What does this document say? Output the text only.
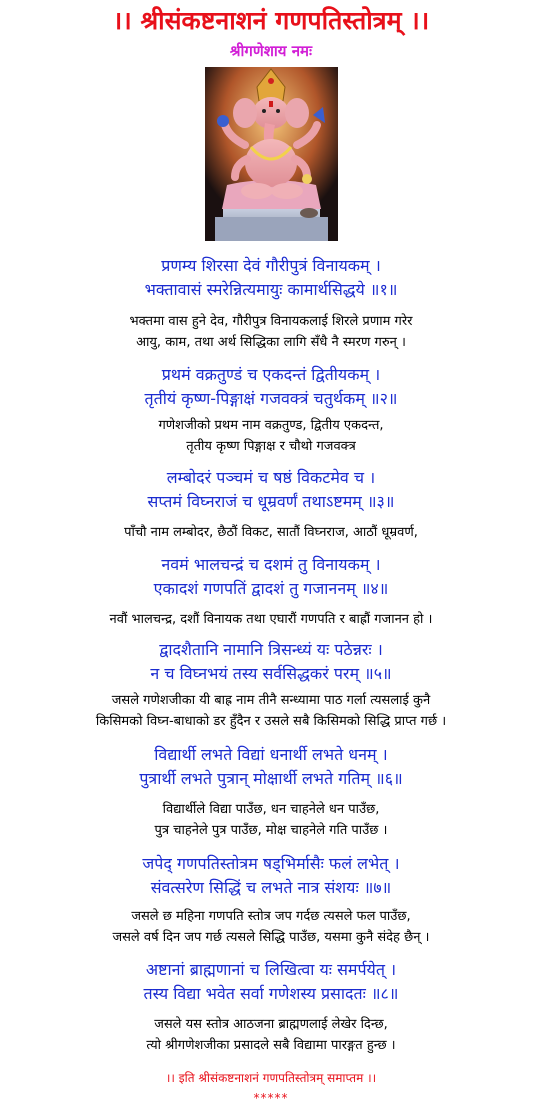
।। श्रीसंकष्टनाशनं गणपतिस्तोत्रम् ।।
श्रीगणेशाय नमः
प्रणम्य शिरसा देवं गौरीपुत्रं विनायकम् ।
भक्तावासं स्मरेन्नित्यमायुः कामार्थसिद्धये ॥१॥
भक्तमा वास हुने देव, गौरीपुत्र विनायकलाई शिरले प्रणाम गरेर
आयु, काम, तथा अर्थ सिद्धिका लागि सँधै नै स्मरण गरुन् ।
प्रथमं वक्रतुण्डं च एकदन्तं द्वितीयकम् ।
तृतीयं कृष्ण-पिङ्गाक्षं गजवक्त्रं चतुर्थकम् ॥२॥
गणेशजीको प्रथम नाम वक्रतुण्ड, द्वितीय एकदन्त,
तृतीय कृष्ण पिङ्गाक्ष र चौथो गजवक्त्र
लम्बोदरं पञ्चमं च षष्ठं विकटमेव च ।
सप्तमं विघ्नराजं च धूम्रवर्णं तथाऽष्टमम् ॥३॥
पाँचौ नाम लम्बोदर, छैठौं विकट, सातौं विघ्नराज, आठौं धूम्रवर्ण,
नवमं भालचन्द्रं च दशमं तु विनायकम् ।
एकादशं गणपतिं द्वादशं तु गजाननम् ॥४॥
नवौं भालचन्द्र, दशौं विनायक तथा एघारौं गणपति र बाह्रौं गजानन हो ।
द्वादशैतानि नामानि त्रिसन्ध्यं यः पठेन्नरः ।
न च विघ्नभयं तस्य सर्वसिद्धकरं परम् ॥५॥
जसले गणेशजीका यी बाह्र नाम तीनै सन्ध्यामा पाठ गर्ला त्यसलाई कुनै
किसिमको विघ्न-बाधाको डर हुँदैन र उसले सबै किसिमको सिद्धि प्राप्त गर्छ ।
विद्यार्थी लभते विद्यां धनार्थी लभते धनम् ।
पुत्रार्थी लभते पुत्रान् मोक्षार्थी लभते गतिम् ॥६॥
विद्यार्थीले विद्या पाउँछ, धन चाहनेले धन पाउँछ,
पुत्र चाहनेले पुत्र पाउँछ, मोक्ष चाहनेले गति पाउँछ ।
जपेद् गणपतिस्तोत्रम षड्भिर्मासैः फलं लभेत् ।
संवत्सरेण सिद्धिं च लभते नात्र संशयः ॥७॥
जसले छ महिना गणपति स्तोत्र जप गर्दछ त्यसले फल पाउँछ,
जसले वर्ष दिन जप गर्छ त्यसले सिद्धि पाउँछ, यसमा कुनै संदेह छैन् ।
अष्टानां ब्राह्मणानां च लिखित्वा यः समर्पयेत् ।
तस्य विद्या भवेत सर्वा गणेशस्य प्रसादतः ॥८॥
जसले यस स्तोत्र आठजना ब्राह्मणलाई लेखेर दिन्छ,
त्यो श्रीगणेशजीका प्रसादले सबै विद्यामा पारङ्गत हुन्छ ।
।। इति श्रीसंकष्टनाशनं गणपतिस्तोत्रम् समाप्तम ।।
*****
